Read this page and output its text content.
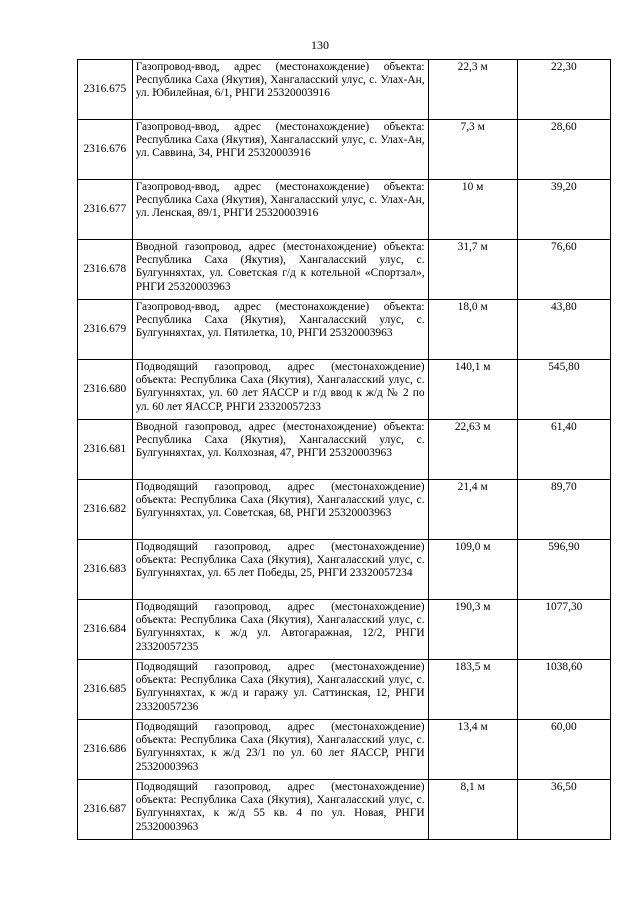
130
2316.675	Газопровод-ввод, адрес (местонахождение) объекта: Республика Саха (Якутия), Хангаласский улус, с. Улах-Ан, ул. Юбилейная, 6/1, РНГИ 25320003916	22,3 м	22,30
2316.676	Газопровод-ввод, адрес (местонахождение) объекта: Республика Саха (Якутия), Хангаласский улус, с. Улах-Ан, ул. Саввина, 34, РНГИ 25320003916	7,3 м	28,60
2316.677	Газопровод-ввод, адрес (местонахождение) объекта: Республика Саха (Якутия), Хангаласский улус, с. Улах-Ан, ул. Ленская, 89/1, РНГИ 25320003916	10 м	39,20
2316.678	Вводной газопровод, адрес (местонахождение) объекта: Республика Саха (Якутия), Хангаласский улус, с. Булгунняхтах, ул. Советская г/д к котельной «Спортзал», РНГИ 25320003963	31,7 м	76,60
2316.679	Газопровод-ввод, адрес (местонахождение) объекта: Республика Саха (Якутия), Хангаласский улус, с. Булгунняхтах, ул. Пятилетка, 10, РНГИ 25320003963	18,0 м	43,80
2316.680	Подводящий газопровод, адрес (местонахождение) объекта: Республика Саха (Якутия), Хангаласский улус, с. Булгунняхтах, ул. 60 лет ЯАССР и г/д ввод к ж/д № 2 по ул. 60 лет ЯАССР, РНГИ 23320057233	140,1 м	545,80
2316.681	Вводной газопровод, адрес (местонахождение) объекта: Республика Саха (Якутия), Хангаласский улус, с. Булгунняхтах, ул. Колхозная, 47, РНГИ 25320003963	22,63 м	61,40
2316.682	Подводящий газопровод, адрес (местонахождение) объекта: Республика Саха (Якутия), Хангаласский улус, с. Булгунняхтах, ул. Советская, 68, РНГИ 25320003963	21,4 м	89,70
2316.683	Подводящий газопровод, адрес (местонахождение) объекта: Республика Саха (Якутия), Хангаласский улус, с. Булгунняхтах, ул. 65 лет Победы, 25, РНГИ 23320057234	109,0 м	596,90
2316.684	Подводящий газопровод, адрес (местонахождение) объекта: Республика Саха (Якутия), Хангаласский улус, с. Булгунняхтах, к ж/д ул. Автогаражная, 12/2, РНГИ 23320057235	190,3 м	1077,30
2316.685	Подводящий газопровод, адрес (местонахождение) объекта: Республика Саха (Якутия), Хангаласский улус, с. Булгунняхтах, к ж/д и гаражу ул. Саттинская, 12, РНГИ 23320057236	183,5 м	1038,60
2316.686	Подводящий газопровод, адрес (местонахождение) объекта: Республика Саха (Якутия), Хангаласский улус, с. Булгунняхтах, к ж/д 23/1 по ул. 60 лет ЯАССР, РНГИ 25320003963	13,4 м	60,00
2316.687	Подводящий газопровод, адрес (местонахождение) объекта: Республика Саха (Якутия), Хангаласский улус, с. Булгунняхтах, к ж/д 55 кв. 4 по ул. Новая, РНГИ 25320003963	8,1 м	36,50
